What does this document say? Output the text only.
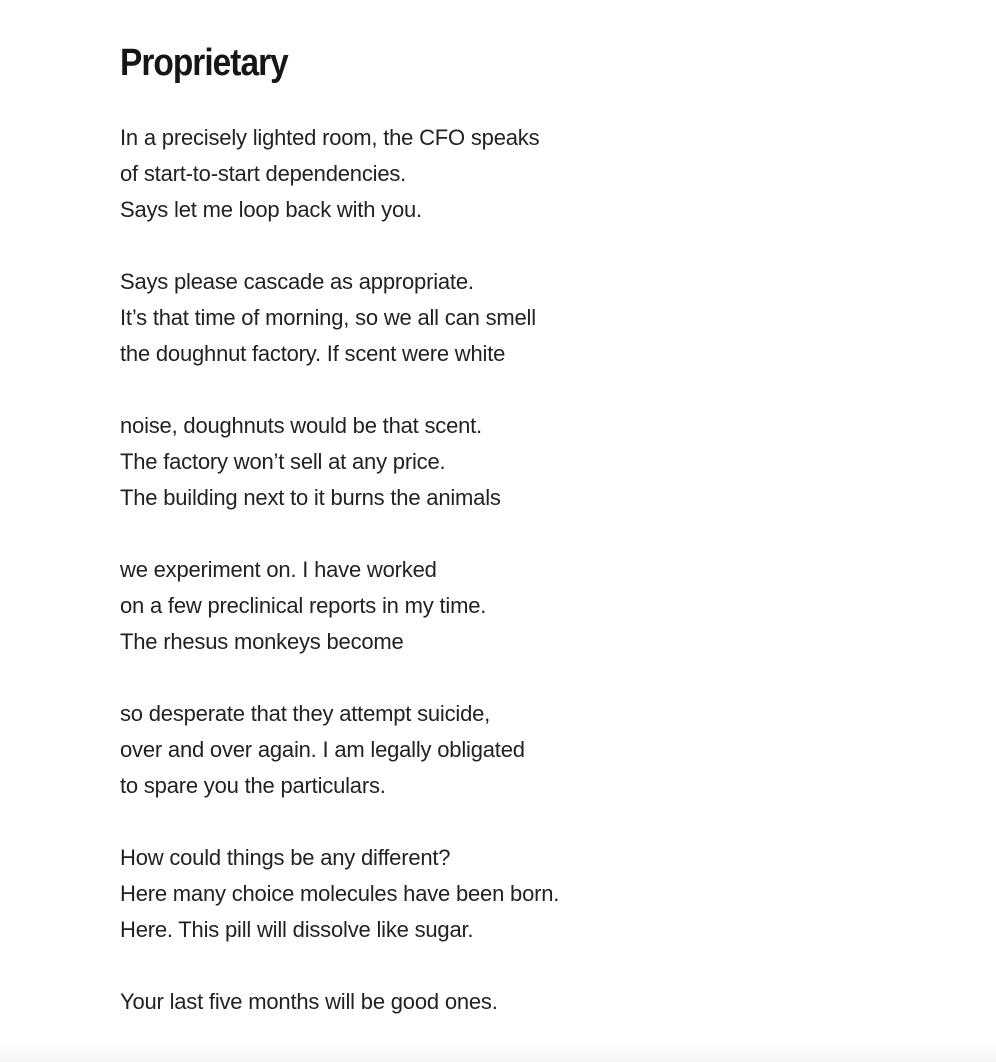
Proprietary

In a precisely lighted room, the CFO speaks
of start-to-start dependencies.
Says let me loop back with you.

Says please cascade as appropriate.
It’s that time of morning, so we all can smell
the doughnut factory. If scent were white

noise, doughnuts would be that scent.
The factory won’t sell at any price.
The building next to it burns the animals

we experiment on. I have worked
on a few preclinical reports in my time.
The rhesus monkeys become

so desperate that they attempt suicide,
over and over again. I am legally obligated
to spare you the particulars.

How could things be any different?
Here many choice molecules have been born.
Here. This pill will dissolve like sugar.

Your last five months will be good ones.
